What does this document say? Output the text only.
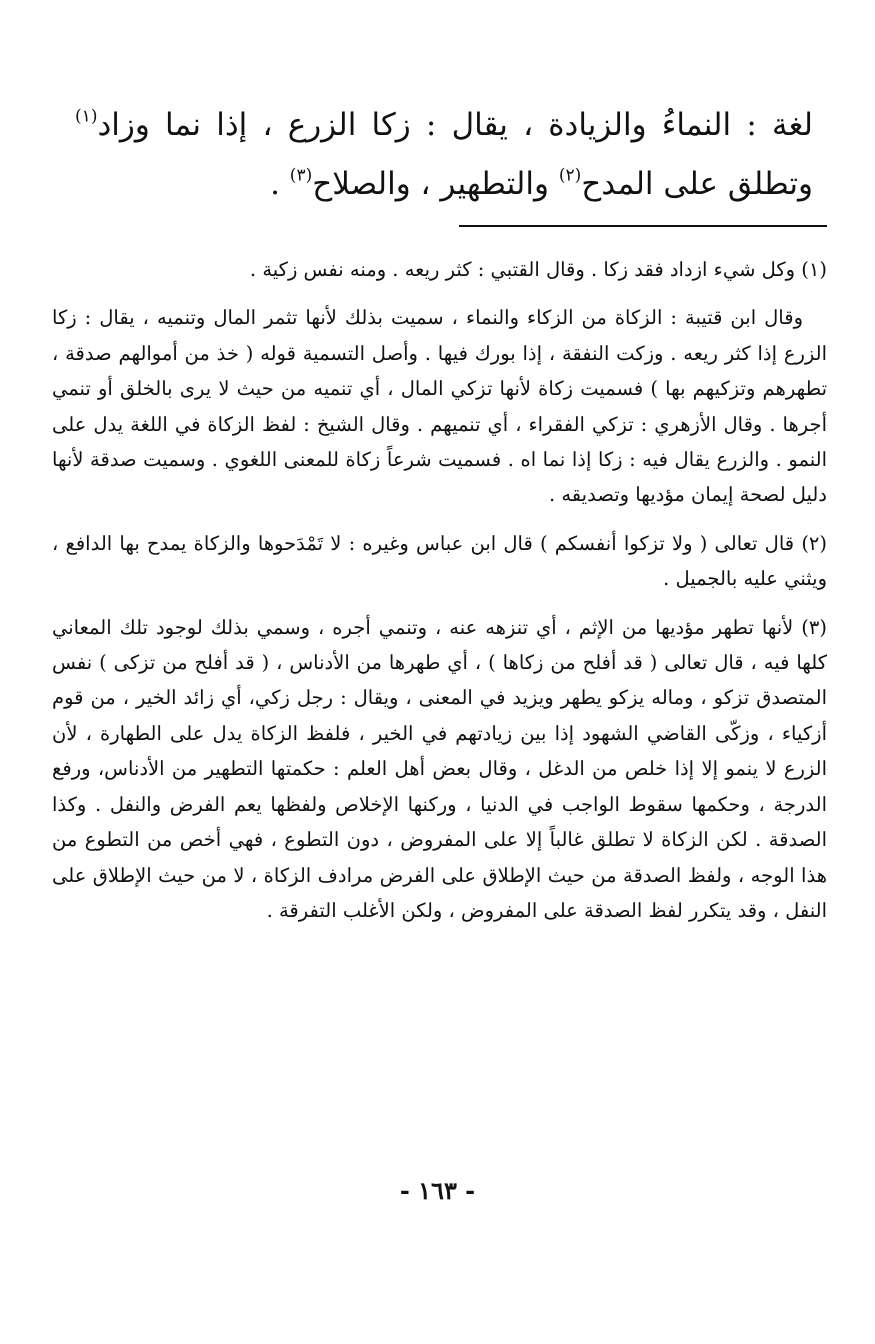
لغة : النماءُ والزيادة ، يقال : زكا الزرع ، إذا نما وزاد$^{(١)}$ وتطلق على المدح$^{(٢)}$ والتطهير ، والصلاح$^{(٣)}$ .

(١) وكل شيء ازداد فقد زكا . وقال القتبي : كثر ريعه . ومنه نفس زكية .

وقال ابن قتيبة : الزكاة من الزكاء والنماء ، سميت بذلك لأنها تثمر المال وتنميه ، يقال : زكا الزرع إذا كثر ريعه . وزكت النفقة ، إذا بورك فيها . وأصل التسمية قوله ( خذ من أموالهم صدقة ، تطهرهم وتزكيهم بها ) فسميت زكاة لأنها تزكي المال ، أي تنميه من حيث لا يرى بالخلق أو تنمي أجرها . وقال الأزهري : تزكي الفقراء ، أي تنميهم . وقال الشيخ : لفظ الزكاة في اللغة يدل على النمو . والزرع يقال فيه : زكا إذا نما اه . فسميت شرعاً زكاة للمعنى اللغوي . وسميت صدقة لأنها دليل لصحة إيمان مؤديها وتصديقه .

(٢) قال تعالى ( ولا تزكوا أنفسكم ) قال ابن عباس وغيره : لا تَمْدَحوها والزكاة يمدح بها الدافع ، ويثني عليه بالجميل .

(٣) لأنها تطهر مؤديها من الإثم ، أي تنزهه عنه ، وتنمي أجره ، وسمي بذلك لوجود تلك المعاني كلها فيه ، قال تعالى ( قد أفلح من زكاها ) ، أي طهرها من الأدناس ، ( قد أفلح من تزكى ) نفس المتصدق تزكو ، وماله يزكو يطهر ويزيد في المعنى ، ويقال : رجل زكي، أي زائد الخير ، من قوم أزكياء ، وزكّى القاضي الشهود إذا بين زيادتهم في الخير ، فلفظ الزكاة يدل على الطهارة ، لأن الزرع لا ينمو إلا إذا خلص من الدغل ، وقال بعض أهل العلم : حكمتها التطهير من الأدناس، ورفع الدرجة ، وحكمها سقوط الواجب في الدنيا ، وركنها الإخلاص ولفظها يعم الفرض والنفل . وكذا الصدقة . لكن الزكاة لا تطلق غالباً إلا على المفروض ، دون التطوع ، فهي أخص من التطوع من هذا الوجه ، ولفظ الصدقة من حيث الإطلاق على الفرض مرادف الزكاة ، لا من حيث الإطلاق على النفل ، وقد يتكرر لفظ الصدقة على المفروض ، ولكن الأغلب التفرقة .

- ١٦٣ -
